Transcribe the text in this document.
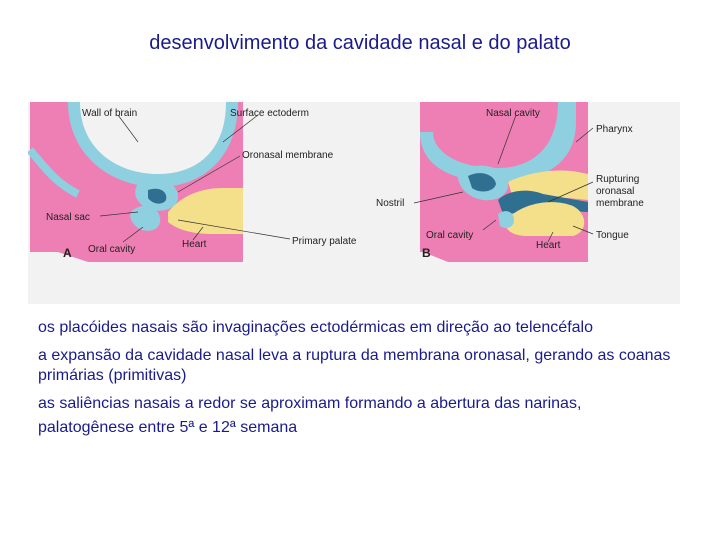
desenvolvimento da cavidade nasal e do palato
A
Wall of brain	Surface ectoderm
Oronasal membrane
Nasal sac
Oral cavity	Heart	Primary palate
B
Nasal cavity
Pharynx
Rupturing
oronasal
membrane
Nostril
Oral cavity
Heart
Tongue

os placóides nasais são invaginações ectodérmicas em direção ao telencéfalo

a expansão da cavidade nasal leva a ruptura da membrana oronasal, gerando as coanas primárias (primitivas)

as saliências nasais a redor se aproximam formando a abertura das narinas,

palatogênese entre 5ª e 12ª semana
